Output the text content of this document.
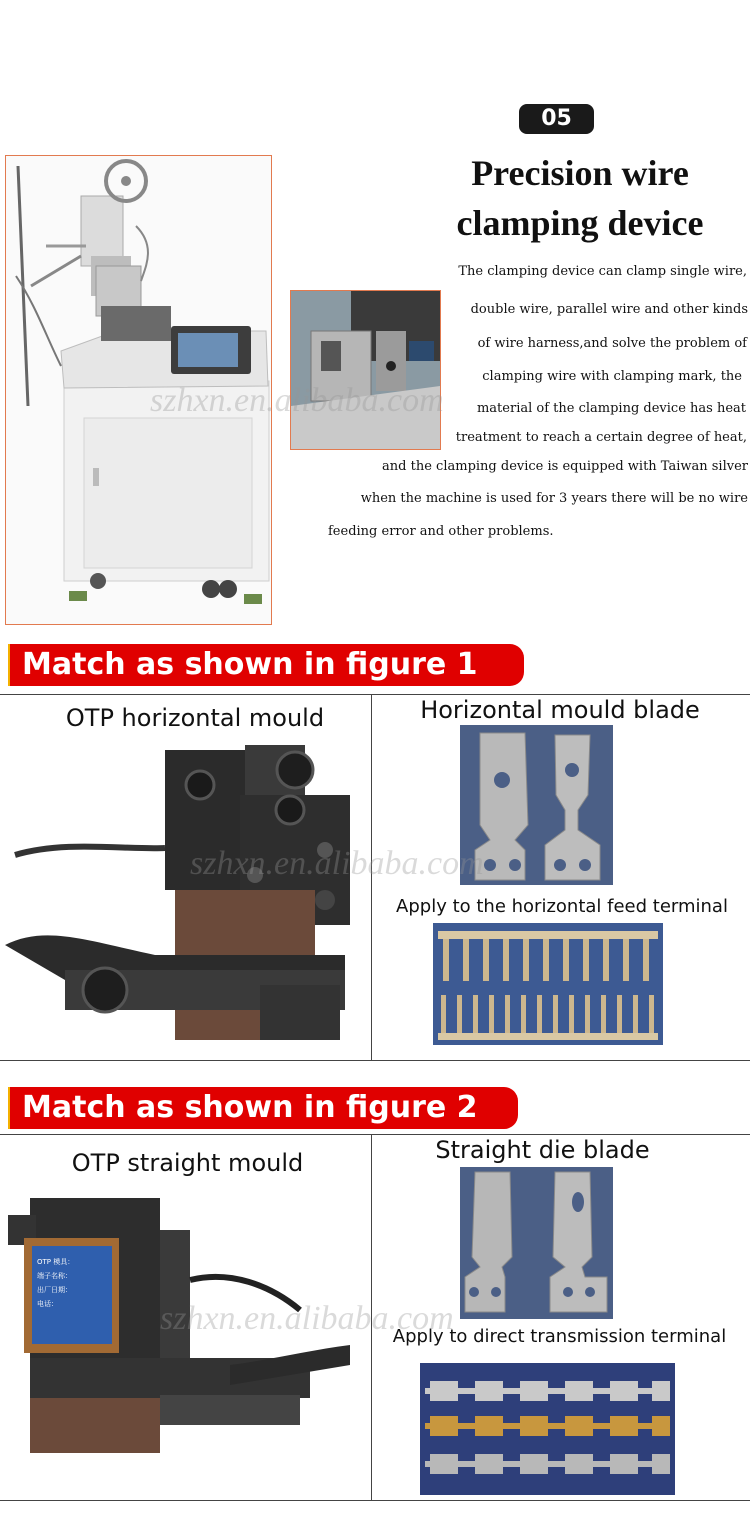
05
Precision wire
clamping device
The clamping device can clamp single wire,
double wire, parallel wire and other kinds
of wire harness,and solve the problem of
clamping wire with clamping mark, the
material of the clamping device has heat
treatment to reach a certain degree of heat,
and the clamping device is equipped with Taiwan silver
when the machine is used for 3 years there will be no wire
feeding error and other problems.
szhxn.en.alibaba.com
Match as shown in figure 1
OTP horizontal mould	Horizontal mould blade
Apply to the horizontal feed terminal
szhxn.en.alibaba.com
Match as shown in figure 2
OTP straight mould
OTP 模具：
端子名称：
出厂日期：
电话：
Straight die blade
Apply to direct transmission terminal
szhxn.en.alibaba.com
